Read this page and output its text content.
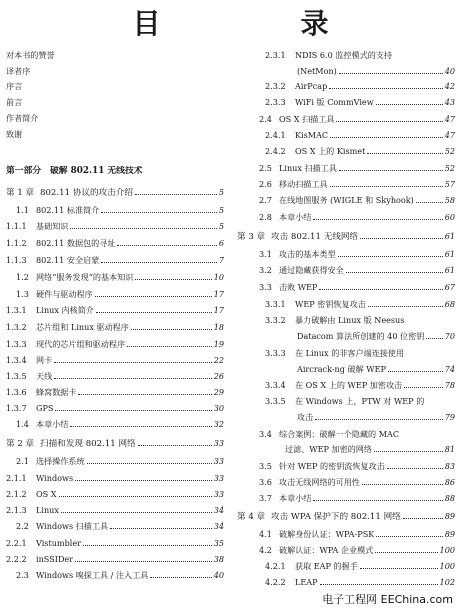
目　录
对本书的赞誉
译者序
序言
前言
作者简介
致谢
第一部分 破解 802.11 无线技术
第 1 章 802.11 协议的攻击介绍	5
1.1 802.11 标准简介	5
1.1.1	基础知识	5
1.1.2	802.11 数据包的寻址	6
1.1.3	802.11 安全启蒙	7
1.2 网络“服务发现”的基本知识	10
1.3 硬件与驱动程序	17
1.3.1	Linux 内核简介	17
1.3.2	芯片组和 Linux 驱动程序	18
1.3.3	现代的芯片组和驱动程序	19
1.3.4	网卡	22
1.3.5	天线	26
1.3.6	蜂窝数据卡	29
1.3.7	GPS	30
1.4 本章小结	32
第 2 章 扫描和发现 802.11 网络	33
2.1 选择操作系统	33
2.1.1	Windows	33
2.1.2	OS X	33
2.1.3	Linux	34
2.2 Windows 扫描工具	34
2.2.1	Vistumbler	35
2.2.2	inSSIDer	38
2.3 Windows 嗅探工具 / 注入工具	40
2.3.1	NDIS 6.0 监控模式的支持
(NetMon)	40
2.3.2	AirPcap	42
2.3.3	WiFi 版 CommView	43
2.4 OS X 扫描工具	47
2.4.1	KisMAC	47
2.4.2	OS X 上的 Kismet	52
2.5 Linux 扫描工具	52
2.6 移动扫描工具	57
2.7 在线地图服务 (WIGLE 和 Skyhook)	58
2.8 本章小结	60
第 3 章 攻击 802.11 无线网络	61
3.1 攻击的基本类型	61
3.2 通过隐藏获得安全	61
3.3 击败 WEP	67
3.3.1	WEP 密钥恢复攻击	68
3.3.2	暴力破解由 Linux 版 Neesus
Datacom 算法所创建的 40 位密钥	70
3.3.3	在 Linux 的非客户端连接使用
Aircrack-ng 破解 WEP	74
3.3.4	在 OS X 上的 WEP 加密攻击	78
3.3.5	在 Windows 上，PTW 对 WEP 的
攻击	79
3.4 综合案例：破解一个隐藏的 MAC
过滤、WEP 加密的网络	81
3.5 针对 WEP 的密钥流恢复攻击	83
3.6 攻击无线网络的可用性	86
3.7 本章小结	88
第 4 章 攻击 WPA 保护下的 802.11 网络	89
4.1 破解身份认证：WPA-PSK	89
4.2 破解认证：WPA 企业模式	100
4.2.1	获取 EAP 的握手	100
4.2.2	LEAP	102
电子工程网 EEChina.com
